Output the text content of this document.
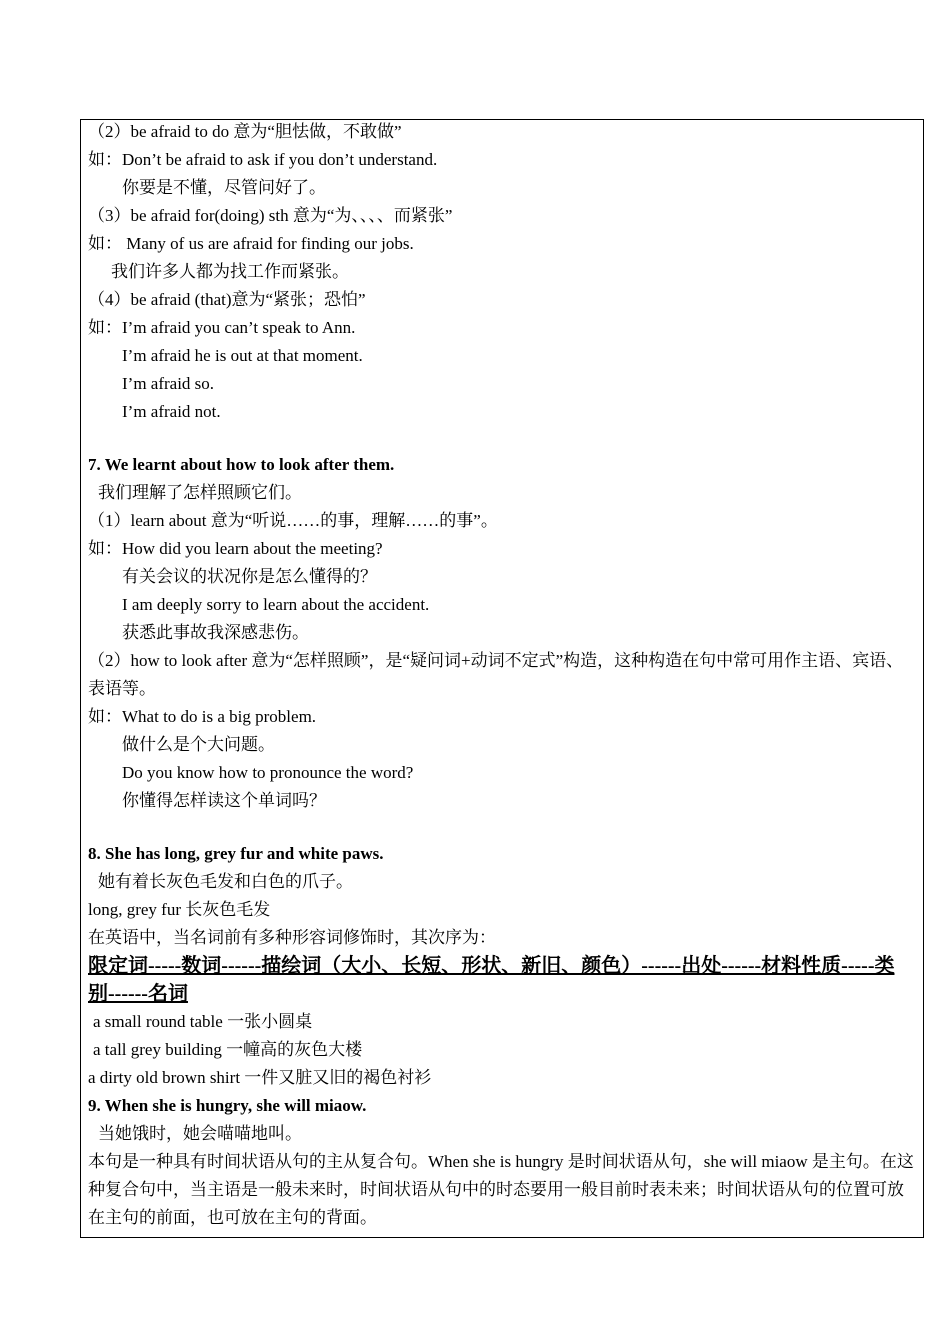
（2）be afraid to do 意为“胆怯做，不敢做”
如：Don’t be afraid to ask if you don’t understand.
你要是不懂，尽管问好了。
（3）be afraid for(doing) sth 意为“为、、、、而紧张”
如： Many of us are afraid for finding our jobs.
我们许多人都为找工作而紧张。
（4）be afraid (that)意为“紧张；恐怕”
如：I’m afraid you can’t speak to Ann.
I’m afraid he is out at that moment.
I’m afraid so.
I’m afraid not.
7. We learnt about how to look after them.
我们理解了怎样照顾它们。
（1）learn about 意为“听说……的事，理解……的事”。
如：How did you learn about the meeting?
有关会议的状况你是怎么懂得的？
I am deeply sorry to learn about the accident.
获悉此事故我深感悲伤。
（2）how to look after 意为“怎样照顾”，是“疑问词+动词不定式”构造，这种构造在句中常可用作主语、宾语、表语等。
如：What to do is a big problem.
做什么是个大问题。
Do you know how to pronounce the word?
你懂得怎样读这个单词吗？
8. She has long, grey fur and white paws.
她有着长灰色毛发和白色的爪子。
long, grey fur 长灰色毛发
在英语中，当名词前有多种形容词修饰时，其次序为：
限定词-----数词------描绘词（大小、长短、形状、新旧、颜色）------出处------材料性质-----类别------名词
a small round table 一张小圆桌
a tall grey building 一幢高的灰色大楼
a dirty old brown shirt 一件又脏又旧的褐色衬衫
9. When she is hungry, she will miaow.
当她饿时，她会喵喵地叫。
本句是一种具有时间状语从句的主从复合句。When she is hungry 是时间状语从句，she will miaow 是主句。在这种复合句中，当主语是一般未来时，时间状语从句中的时态要用一般目前时表未来；时间状语从句的位置可放在主句的前面，也可放在主句的背面。
